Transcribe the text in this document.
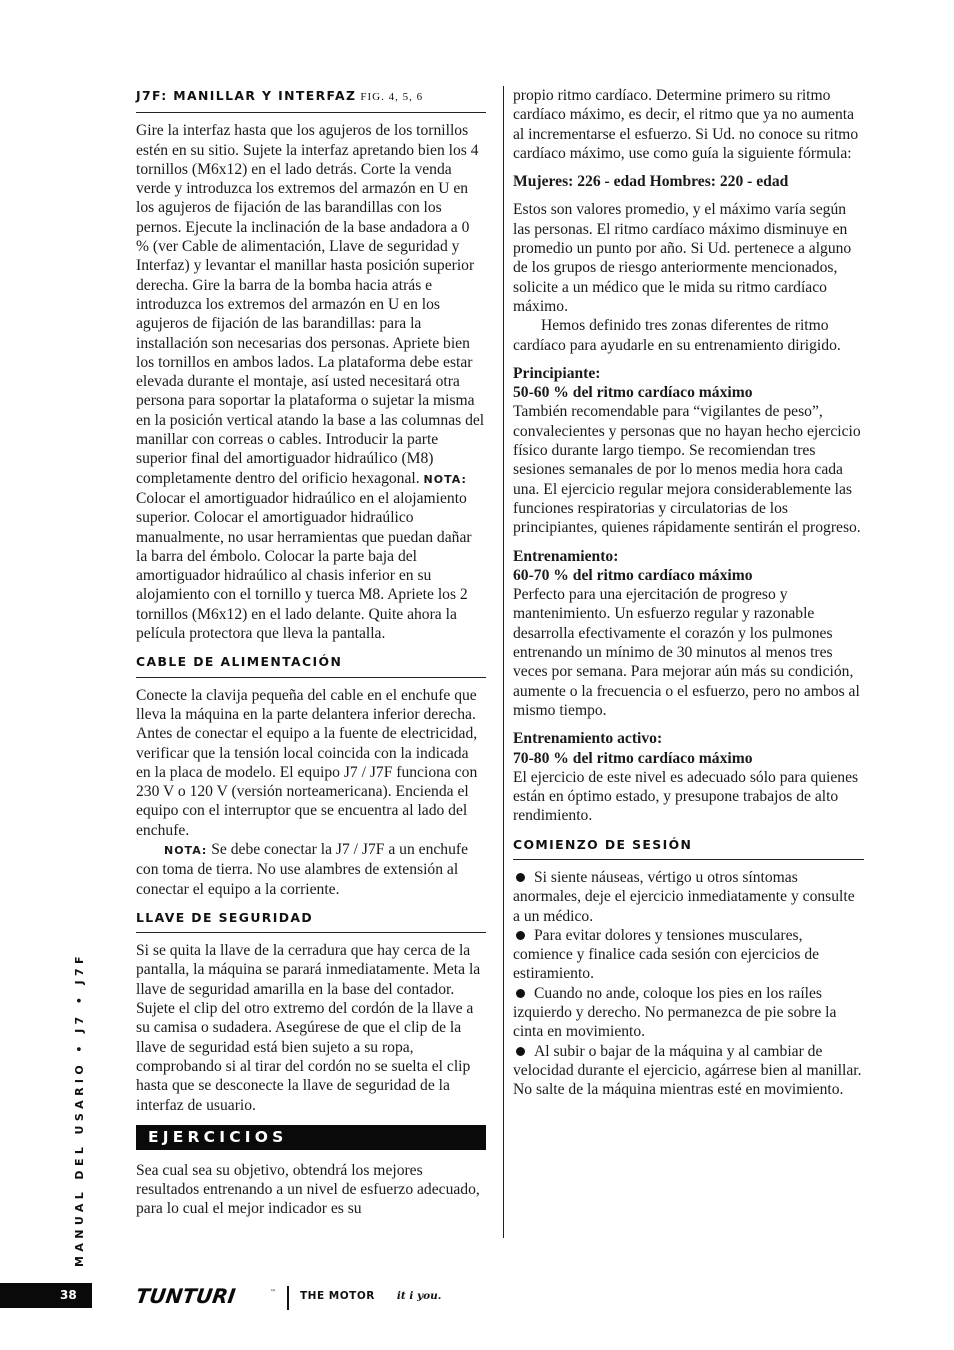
J7F: MANILLAR Y INTERFAZ FIG. 4, 5, 6

Gire la interfaz hasta que los agujeros de los tornillos estén en su sitio. Sujete la interfaz apretando bien los 4 tornillos (M6x12) en el lado detrás. Corte la venda verde y introduzca los extremos del armazón en U en los agujeros de fijación de las barandillas con los pernos. Ejecute la inclinación de la base andadora a 0 % (ver Cable de alimentación, Llave de seguridad y Interfaz) y levantar el manillar hasta posición superior derecha. Gire la barra de la bomba hacia atrás e introduzca los extremos del armazón en U en los agujeros de fijación de las barandillas: para la installación son necesarias dos personas. Apriete bien los tornillos en ambos lados. La plataforma debe estar elevada durante el montaje, así usted necesitará otra persona para soportar la plataforma o sujetar la misma en la posición vertical atando la base a las columnas del manillar con correas o cables. Introducir la parte superior final del amortiguador hidraúlico (M8) completamente dentro del orificio hexagonal. NOTA: Colocar el amortiguador hidraúlico en el alojamiento superior. Colocar el amortiguador hidraúlico manualmente, no usar herramientas que puedan dañar la barra del émbolo. Colocar la parte baja del amortiguador hidraúlico al chasis inferior en su alojamiento con el tornillo y tuerca M8. Apriete los 2 tornillos (M6x12) en el lado delante. Quite ahora la película protectora que lleva la pantalla.

CABLE DE ALIMENTACIÓN

Conecte la clavija pequeña del cable en el enchufe que lleva la máquina en la parte delantera inferior derecha. Antes de conectar el equipo a la fuente de electricidad, verificar que la tensión local coincida con la indicada en la placa de modelo. El equipo J7 / J7F funciona con 230 V o 120 V (versión norteamericana). Encienda el equipo con el interruptor que se encuentra al lado del enchufe.

NOTA: Se debe conectar la J7 / J7F a un enchufe con toma de tierra. No use alambres de extensión al conectar el equipo a la corriente.

LLAVE DE SEGURIDAD

Si se quita la llave de la cerradura que hay cerca de la pantalla, la máquina se parará inmediatamente. Meta la llave de seguridad amarilla en la base del contador. Sujete el clip del otro extremo del cordón de la llave a su camisa o sudadera. Asegúrese de que el clip de la llave de seguridad está bien sujeto a su ropa, comprobando si al tirar del cordón no se suelta el clip hasta que se desconecte la llave de seguridad de la interfaz de usuario.

EJERCICIOS

Sea cual sea su objetivo, obtendrá los mejores resultados entrenando a un nivel de esfuerzo adecuado, para lo cual el mejor indicador es su

propio ritmo cardíaco. Determine primero su ritmo cardíaco máximo, es decir, el ritmo que ya no aumenta al incrementarse el esfuerzo. Si Ud. no conoce su ritmo cardíaco máximo, use como guía la siguiente fórmula:

Mujeres: 226 - edad Hombres: 220 - edad

Estos son valores promedio, y el máximo varía según las personas. El ritmo cardíaco máximo disminuye en promedio un punto por año. Si Ud. pertenece a alguno de los grupos de riesgo anteriormente mencionados, solicite a un médico que le mida su ritmo cardíaco máximo.

Hemos definido tres zonas diferentes de ritmo cardíaco para ayudarle en su entrenamiento dirigido.

Principiante:
50-60 % del ritmo cardíaco máximo
También recomendable para “vigilantes de peso”, convalecientes y personas que no hayan hecho ejercicio físico durante largo tiempo. Se recomiendan tres sesiones semanales de por lo menos media hora cada una. El ejercicio regular mejora considerablemente las funciones respiratorias y circulatorias de los principiantes, quienes rápidamente sentirán el progreso.

Entrenamiento:
60-70 % del ritmo cardíaco máximo
Perfecto para una ejercitación de progreso y mantenimiento. Un esfuerzo regular y razonable desarrolla efectivamente el corazón y los pulmones entrenando un mínimo de 30 minutos al menos tres veces por semana. Para mejorar aún más su condición, aumente o la frecuencia o el esfuerzo, pero no ambos al mismo tiempo.

Entrenamiento activo:
70-80 % del ritmo cardíaco máximo
El ejercicio de este nivel es adecuado sólo para quienes están en óptimo estado, y presupone trabajos de alto rendimiento.

COMIENZO DE SESIÓN

Si siente náuseas, vértigo u otros síntomas anormales, deje el ejercicio inmediatamente y consulte a un médico.

Para evitar dolores y tensiones musculares, comience y finalice cada sesión con ejercicios de estiramiento.

Cuando no ande, coloque los pies en los raíles izquierdo y derecho. No permanezca de pie sobre la cinta en movimiento.

Al subir o bajar de la máquina y al cambiar de velocidad durante el ejercicio, agárrese bien al manillar. No salte de la máquina mientras esté en movimiento.

MANUAL DEL USARIO • J7 • J7F
38	TUNTURI	™ THE MOTOR it i you.
